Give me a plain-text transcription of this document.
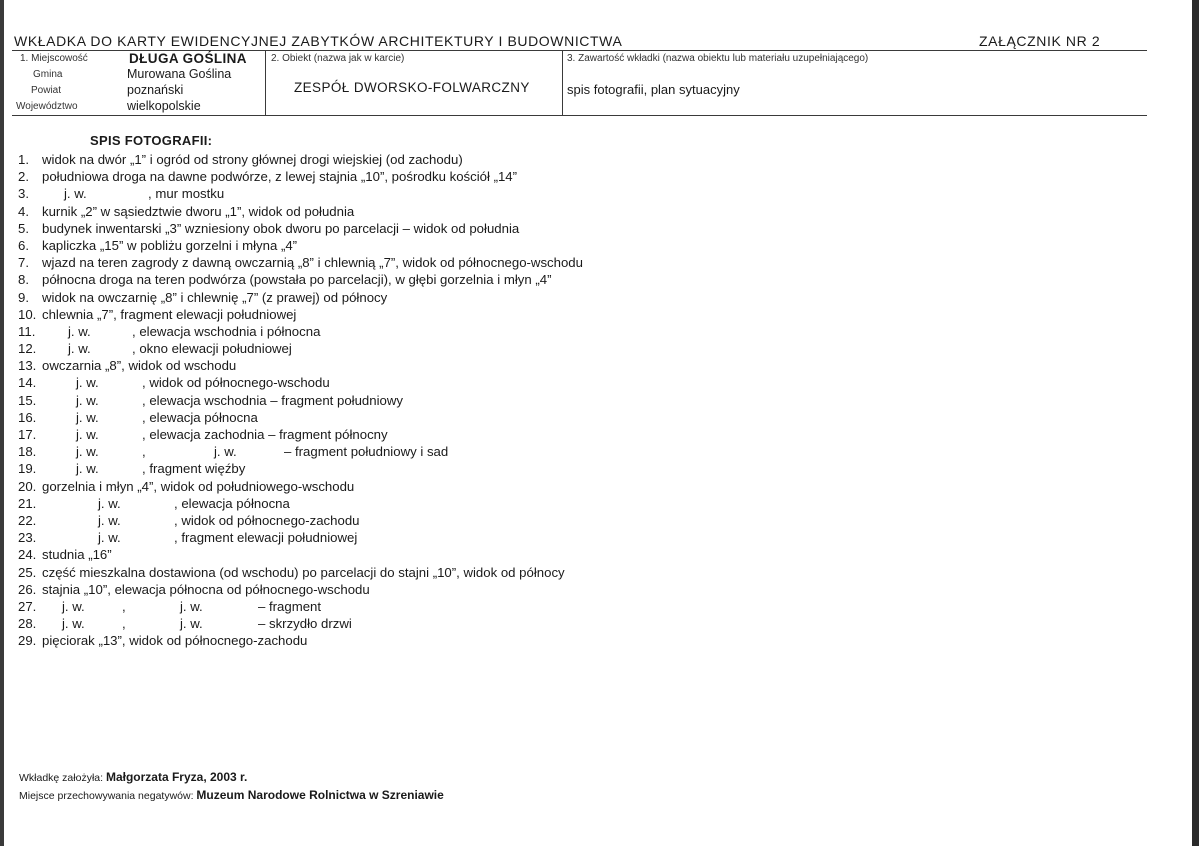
WKŁADKA DO KARTY EWIDENCYJNEJ ZABYTKÓW ARCHITEKTURY I BUDOWNICTWA	ZAŁĄCZNIK NR 2
1. Miejscowość	DŁUGA GOŚLINA
Gmina	Murowana Goślina
Powiat	poznański
Województwo	wielkopolskie
2. Obiekt (nazwa jak w karcie)
ZESPÓŁ DWORSKO-FOLWARCZNY
3. Zawartość wkładki (nazwa obiektu lub materiału uzupełniającego)
spis fotografii, plan sytuacyjny
SPIS FOTOGRAFII:
1. widok na dwór „1” i ogród od strony głównej drogi wiejskiej (od zachodu)
2. południowa droga na dawne podwórze, z lewej stajnia „10”, pośrodku kościół „14”
3.	j. w.	, mur mostku
4. kurnik „2” w sąsiedztwie dworu „1”, widok od południa
5. budynek inwentarski „3” wzniesiony obok dworu po parcelacji – widok od południa
6. kapliczka „15” w pobliżu gorzelni i młyna „4”
7. wjazd na teren zagrody z dawną owczarnią „8” i chlewnią „7”, widok od północnego-wschodu
8. północna droga na teren podwórza (powstała po parcelacji), w głębi gorzelnia i młyn „4”
9. widok na owczarnię „8” i chlewnię „7” (z prawej) od północy
10. chlewnia „7”, fragment elewacji południowej
11. j. w.	, elewacja wschodnia i północna
12. j. w.	, okno elewacji południowej
13. owczarnia „8”, widok od wschodu
14.	j. w.	, widok od północnego-wschodu
15.	j. w.	, elewacja wschodnia – fragment południowy
16.	j. w.	, elewacja północna
17.	j. w.	, elewacja zachodnia – fragment północny
18.	j. w.	,	j. w.	– fragment południowy i sad
19.	j. w.	, fragment więźby
20. gorzelnia i młyn „4”, widok od południowego-wschodu
21.	j. w.	, elewacja północna
22.	j. w.	, widok od północnego-zachodu
23.	j. w.	, fragment elewacji południowej
24. studnia „16”
25. część mieszkalna dostawiona (od wschodu) po parcelacji do stajni „10”, widok od północy
26. stajnia „10”, elewacja północna od północnego-wschodu
27. j. w.	,	j. w.	– fragment
28. j. w.	,	j. w.	– skrzydło drzwi
29. pięciorak „13”, widok od północnego-zachodu
Wkładkę założyła: Małgorzata Fryza, 2003 r.
Miejsce przechowywania negatywów: Muzeum Narodowe Rolnictwa w Szreniawie
